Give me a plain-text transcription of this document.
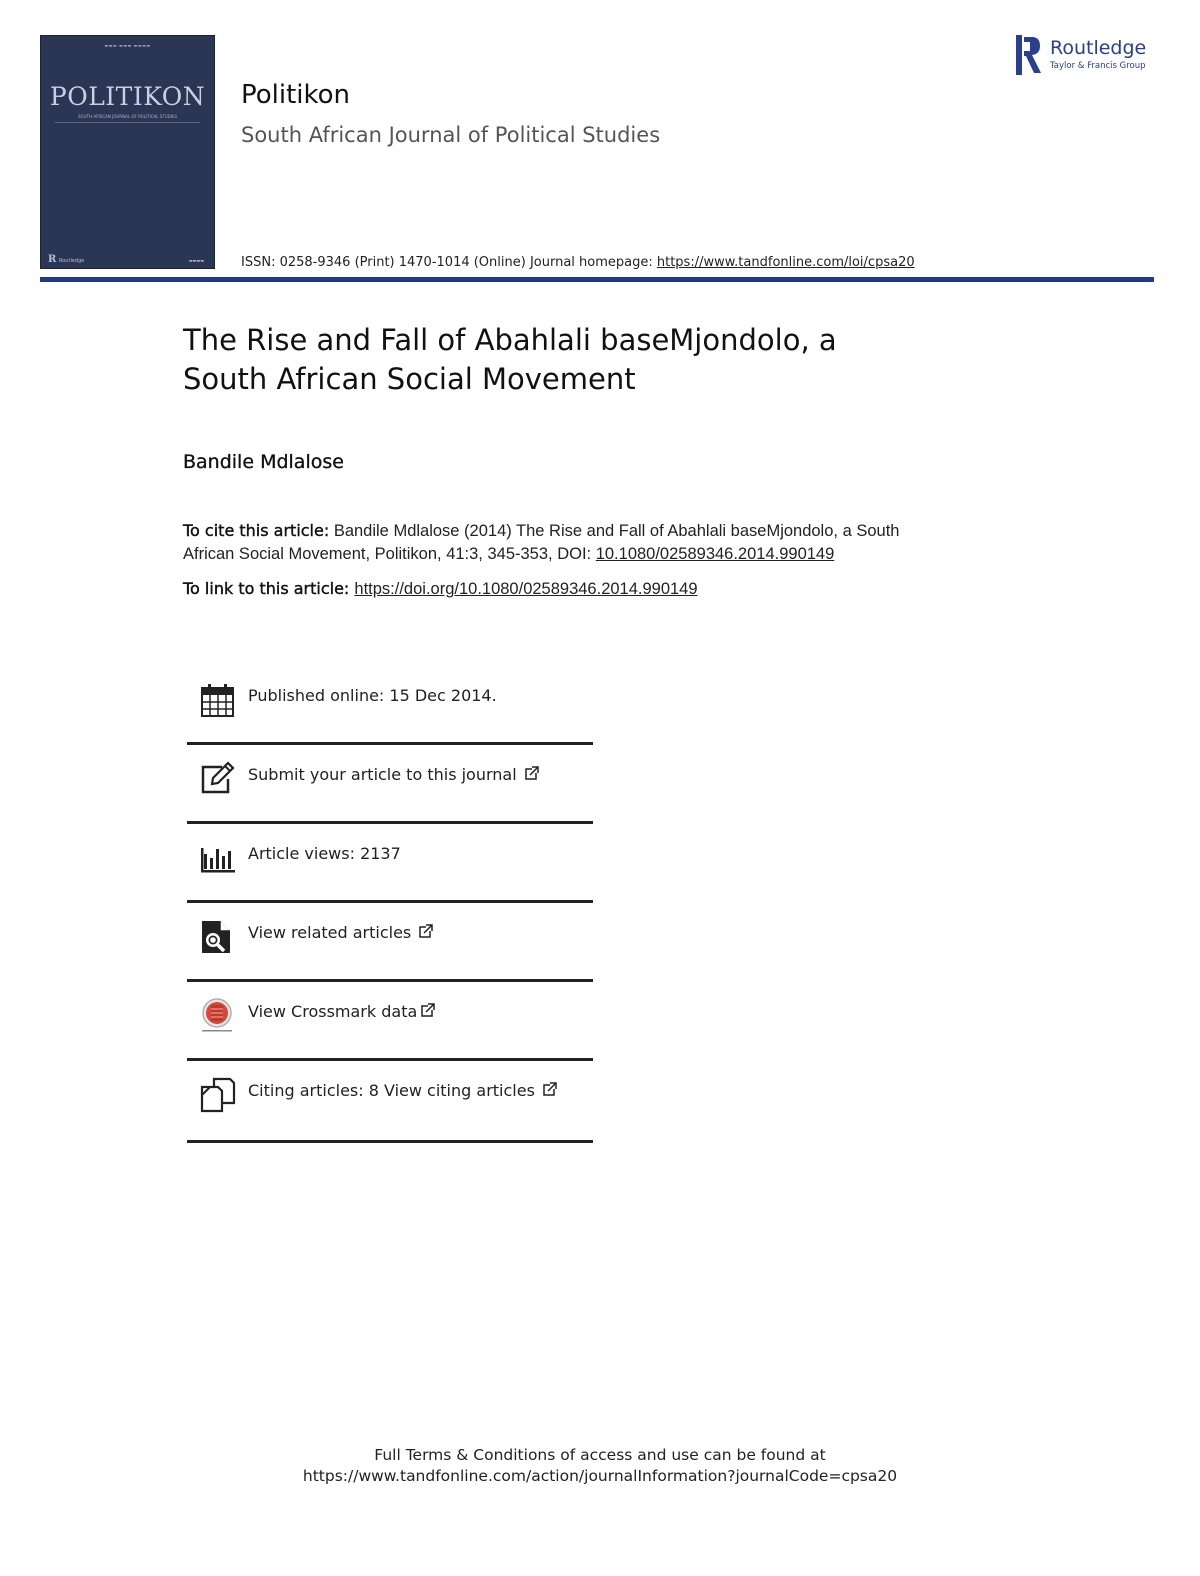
▬▬▬ ▬▬▬ ▬▬▬▬
POLITIKON
SOUTH AFRICAN JOURNAL OF POLITICAL STUDIES
R Routledge	▬▬▬▬
Politikon
South African Journal of Political Studies
ISSN: 0258-9346 (Print) 1470-1014 (Online) Journal homepage: https://www.tandfonline.com/loi/cpsa20
Routledge
Taylor & Francis Group
The Rise and Fall of Abahlali baseMjondolo, a
South African Social Movement
Bandile Mdlalose
To cite this article: Bandile Mdlalose (2014) The Rise and Fall of Abahlali baseMjondolo, a South
African Social Movement, Politikon, 41:3, 345-353, DOI: 10.1080/02589346.2014.990149
To link to this article: https://doi.org/10.1080/02589346.2014.990149
Published online: 15 Dec 2014.
Submit your article to this journal
Article views: 2137
View related articles
View Crossmark data
Citing articles: 8 View citing articles
Full Terms & Conditions of access and use can be found at
https://www.tandfonline.com/action/journalInformation?journalCode=cpsa20
